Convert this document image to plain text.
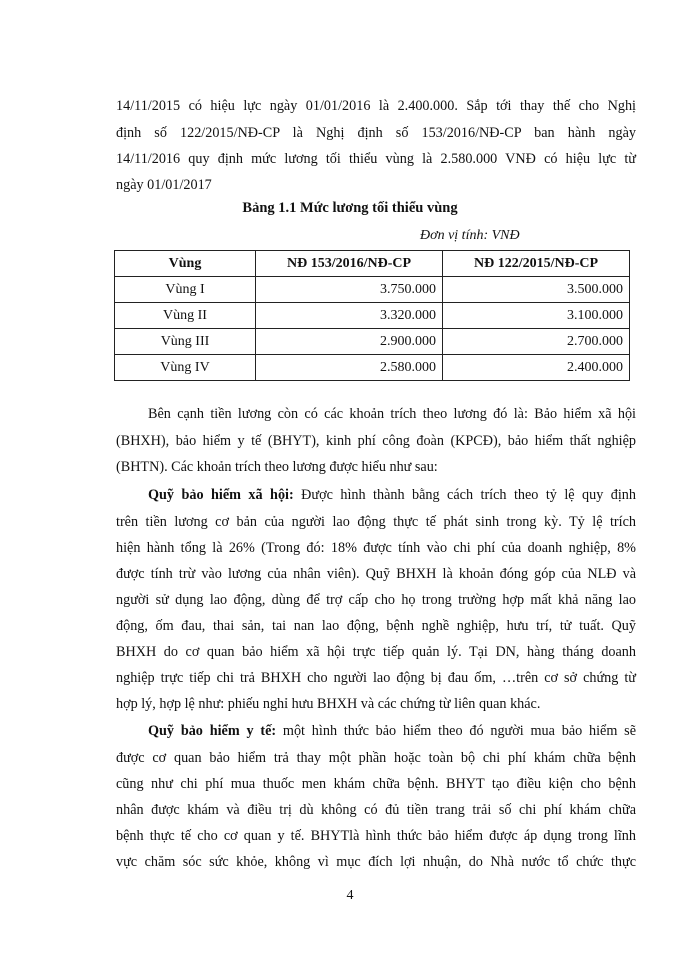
14/11/2015 có hiệu lực ngày 01/01/2016 là 2.400.000. Sắp tới thay thế cho Nghị
định số 122/2015/NĐ-CP là Nghị định số 153/2016/NĐ-CP ban hành ngày
14/11/2016 quy định mức lương tối thiểu vùng là 2.580.000 VNĐ có hiệu lực từ
ngày 01/01/2017
Bảng 1.1 Mức lương tối thiểu vùng
Đơn vị tính: VNĐ
Vùng	NĐ 153/2016/NĐ-CP	NĐ 122/2015/NĐ-CP
Vùng I	3.750.000	3.500.000
Vùng II	3.320.000	3.100.000
Vùng III	2.900.000	2.700.000
Vùng IV	2.580.000	2.400.000
Bên cạnh tiền lương còn có các khoản trích theo lương đó là: Bảo hiểm xã hội
(BHXH), bảo hiểm y tế (BHYT), kinh phí công đoàn (KPCĐ), bảo hiểm thất nghiệp
(BHTN). Các khoản trích theo lương được hiểu như sau:
Quỹ bảo hiểm xã hội: Được hình thành bằng cách trích theo tỷ lệ quy định
trên tiền lương cơ bản của người lao động thực tế phát sinh trong kỳ. Tỷ lệ trích
hiện hành tổng là 26% (Trong đó: 18% được tính vào chi phí của doanh nghiệp, 8%
được tính trừ vào lương của nhân viên). Quỹ BHXH là khoản đóng góp của NLĐ và
người sử dụng lao động, dùng để trợ cấp cho họ trong trường hợp mất khả năng lao
động, ốm đau, thai sản, tai nan lao động, bệnh nghề nghiệp, hưu trí, tử tuất. Quỹ
BHXH do cơ quan bảo hiểm xã hội trực tiếp quản lý. Tại DN, hàng tháng doanh
nghiệp trực tiếp chi trả BHXH cho người lao động bị đau ốm, …trên cơ sở chứng từ
hợp lý, hợp lệ như: phiếu nghỉ hưu BHXH và các chứng từ liên quan khác.
Quỹ bảo hiểm y tế: một hình thức bảo hiểm theo đó người mua bảo hiểm sẽ
được cơ quan bảo hiểm trả thay một phần hoặc toàn bộ chi phí khám chữa bệnh
cũng như chi phí mua thuốc men khám chữa bệnh. BHYT tạo điều kiện cho bệnh
nhân được khám và điều trị dù không có đủ tiền trang trải số chi phí khám chữa
bệnh thực tế cho cơ quan y tế. BHYTlà hình thức bảo hiểm được áp dụng trong lĩnh
vực chăm sóc sức khỏe, không vì mục đích lợi nhuận, do Nhà nước tổ chức thực
4
